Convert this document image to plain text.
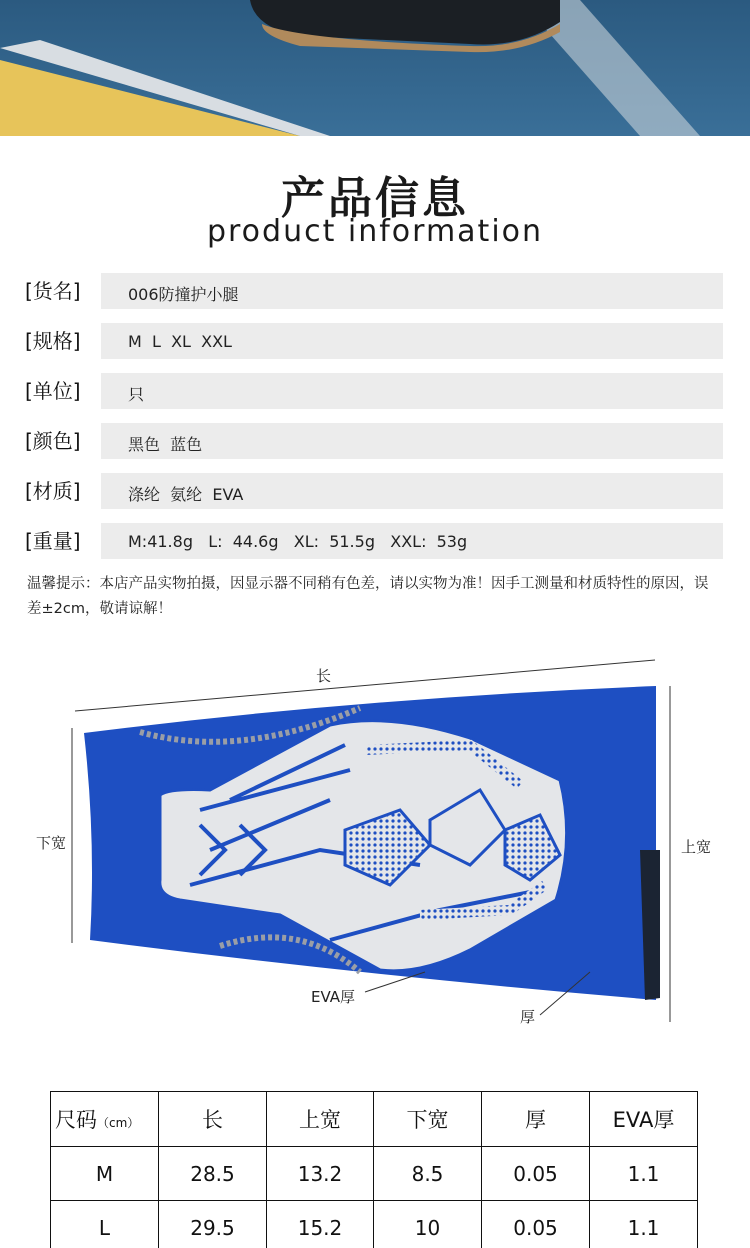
产品信息
product information
[货名]	006防撞护小腿
[规格]	M  L  XL  XXL
[单位]	只
[颜色]	黑色  蓝色
[材质]	涤纶  氨纶  EVA
[重量]	M:41.8g   L:  44.6g   XL:  51.5g   XXL:  53g
温馨提示：本店产品实物拍摄，因显示器不同稍有色差，请以实物为准！因手工测量和材质特性的原因，误差±2cm，敬请谅解！
长
下宽	上宽
EVA厚
厚
尺码（cm）	长	上宽	下宽	厚	EVA厚
M	28.5	13.2	8.5	0.05	1.1
L	29.5	15.2	10	0.05	1.1
